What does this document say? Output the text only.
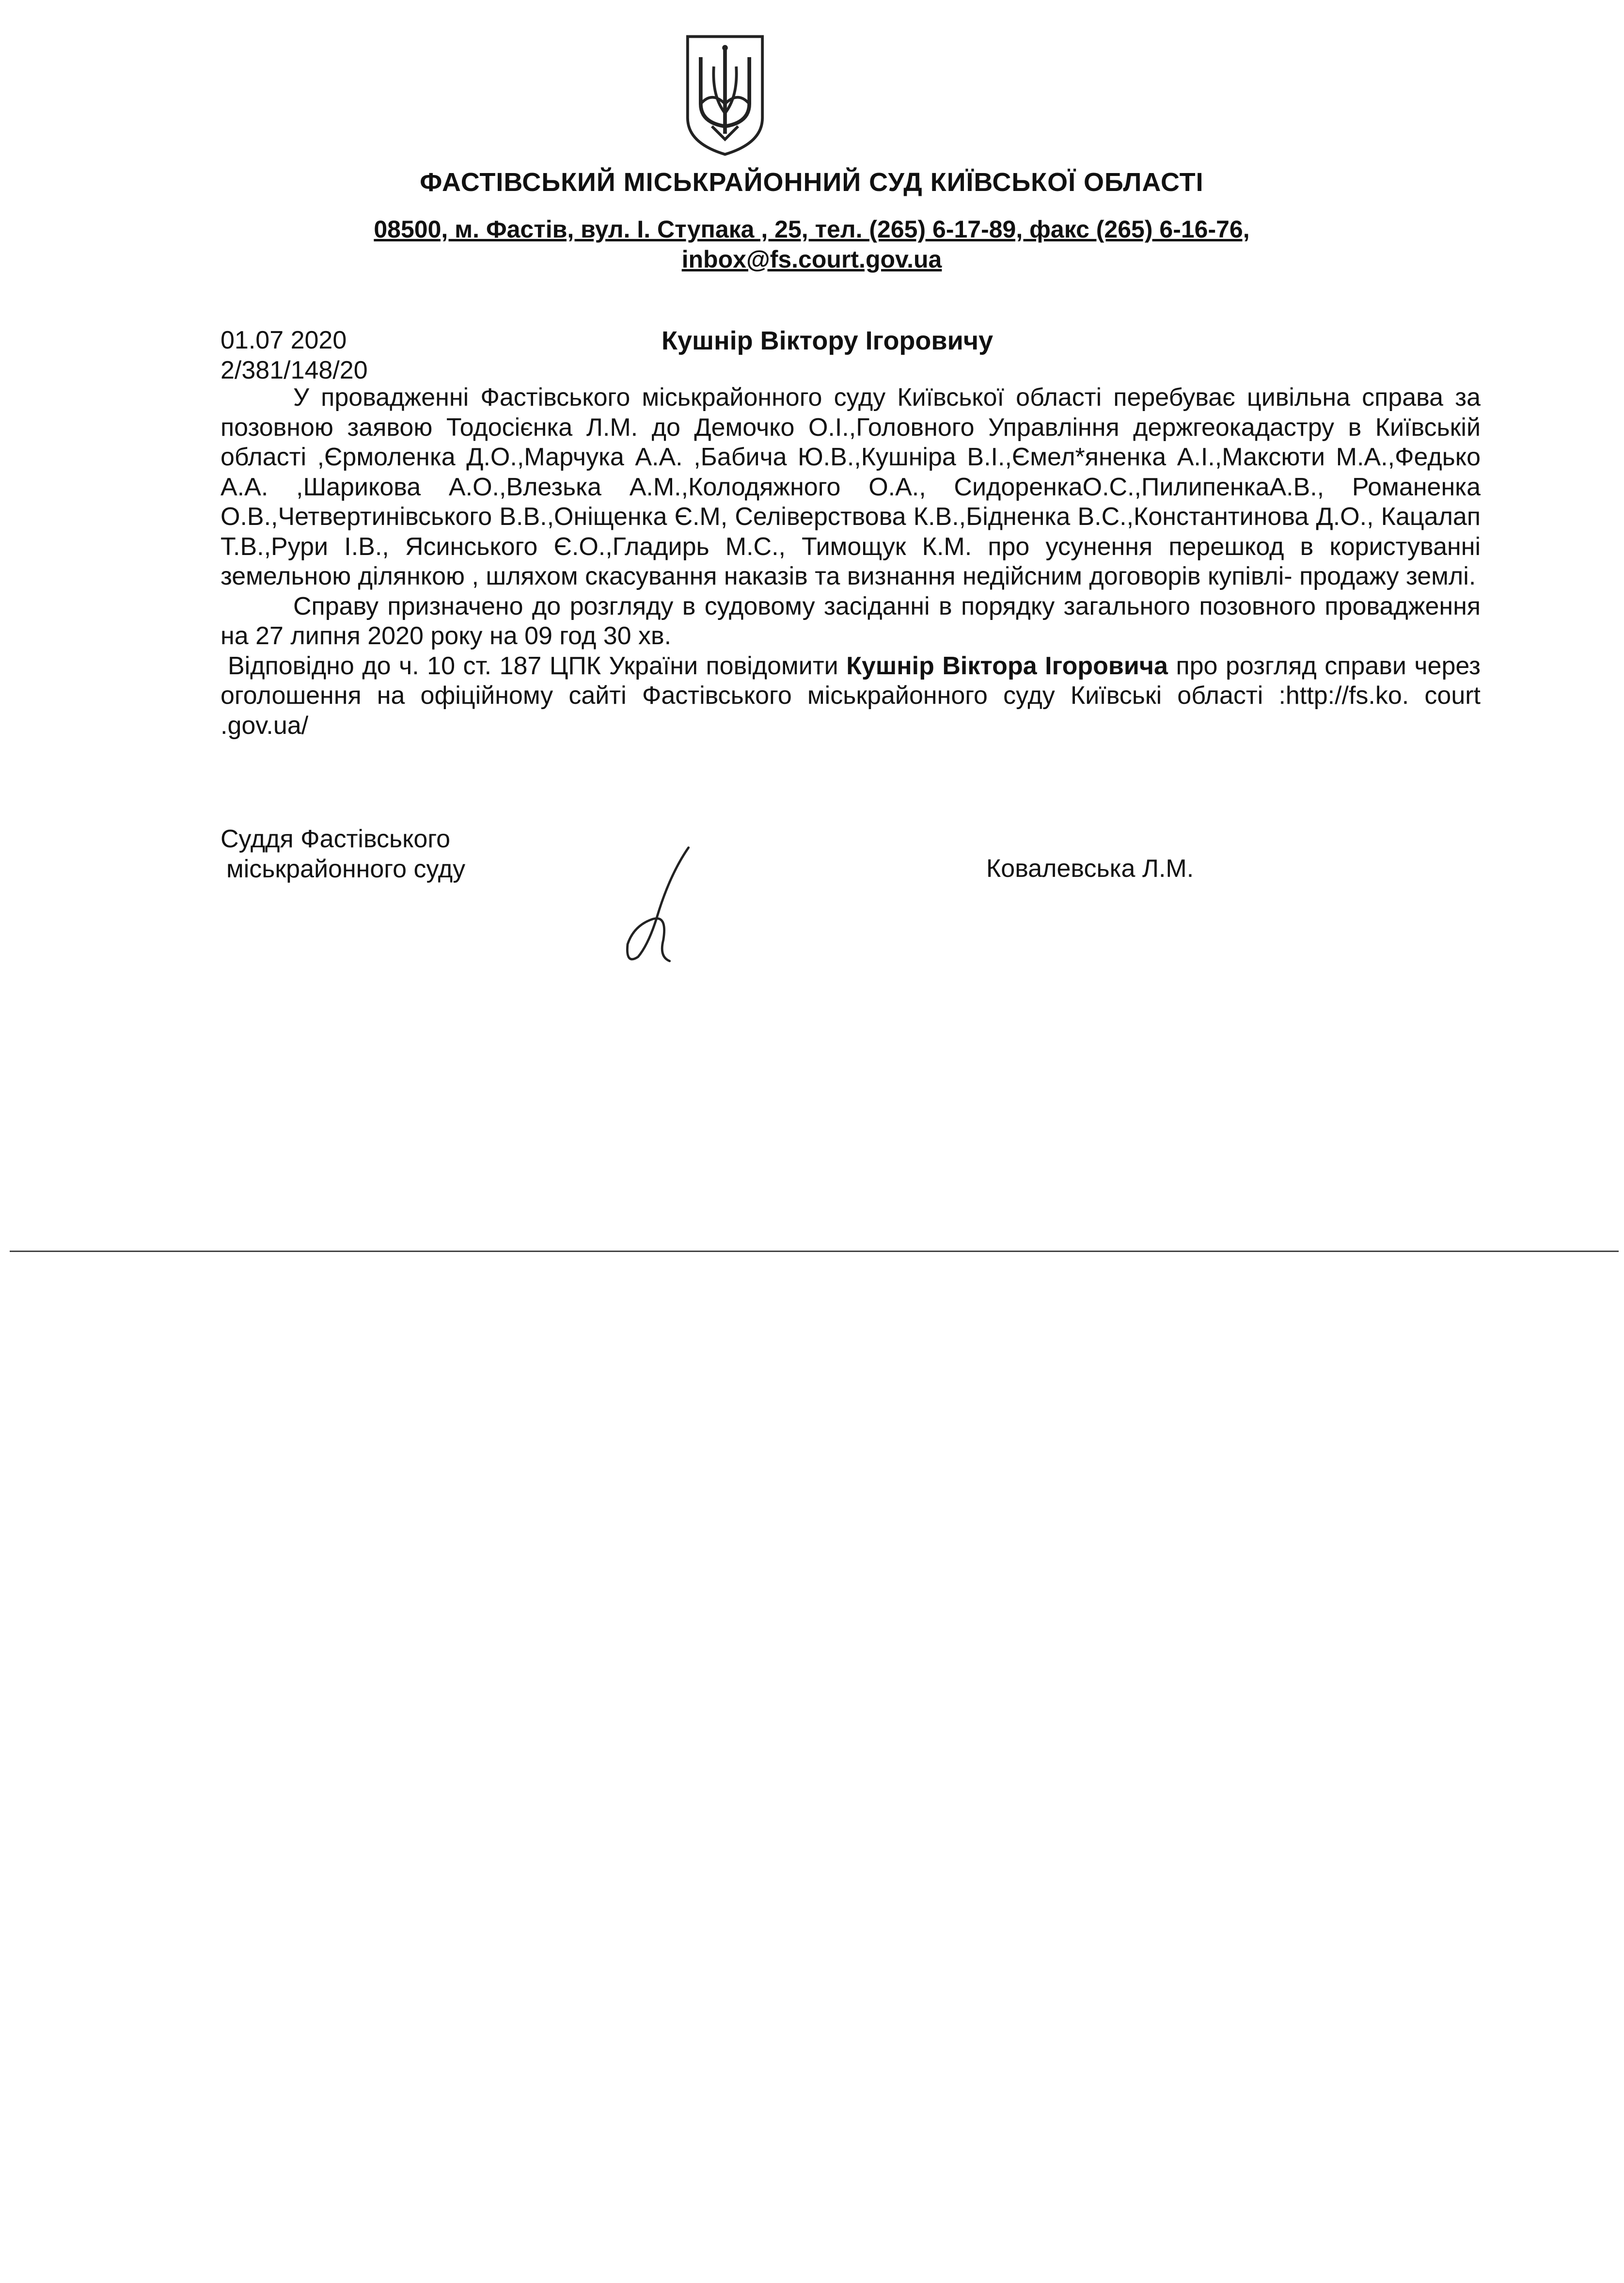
ФАСТІВСЬКИЙ МІСЬКРАЙОННИЙ СУД КИЇВСЬКОЇ ОБЛАСТІ
08500, м. Фастів, вул. І. Ступака , 25, тел. (265) 6-17-89, факс (265) 6-16-76,
inbox@fs.court.gov.ua
01.07 2020
2/381/148/20
Кушнір Віктору Ігоровичу

У провадженні Фастівського міськрайонного суду Київської області перебуває цивільна справа за позовною заявою Тодосієнка Л.М. до Демочко О.І.,Головного Управління держгеокадастру в Київській області ,Єрмоленка Д.О.,Марчука А.А. ,Бабича Ю.В.,Кушніра В.І.,Ємел*яненка А.І.,Максюти М.А.,Федько А.А. ,Шарикова А.О.,Влезька А.М.,Колодяжного О.А., СидоренкаО.С.,ПилипенкаА.В., Романенка О.В.,Четвертинівського В.В.,Оніщенка Є.М, Селіверствова К.В.,Бідненка В.С.,Константинова Д.О., Кацалап Т.В.,Рури І.В., Ясинського Є.О.,Гладирь М.С., Тимощук К.М. про усунення перешкод в користуванні земельною ділянкою , шляхом скасування наказів та визнання недійсним договорів купівлі- продажу землі.

Справу призначено до розгляду в судовому засіданні в порядку загального позовного провадження на 27 липня 2020 року на 09 год 30 хв.

Відповідно до ч. 10 ст. 187 ЦПК України повідомити Кушнір Віктора Ігоровича про розгляд справи через оголошення на офіційному сайті Фастівського міськрайонного суду Київські області :http://fs.ko. court .gov.ua/

Суддя Фастівського
міськрайонного суду	Ковалевська Л.М.
